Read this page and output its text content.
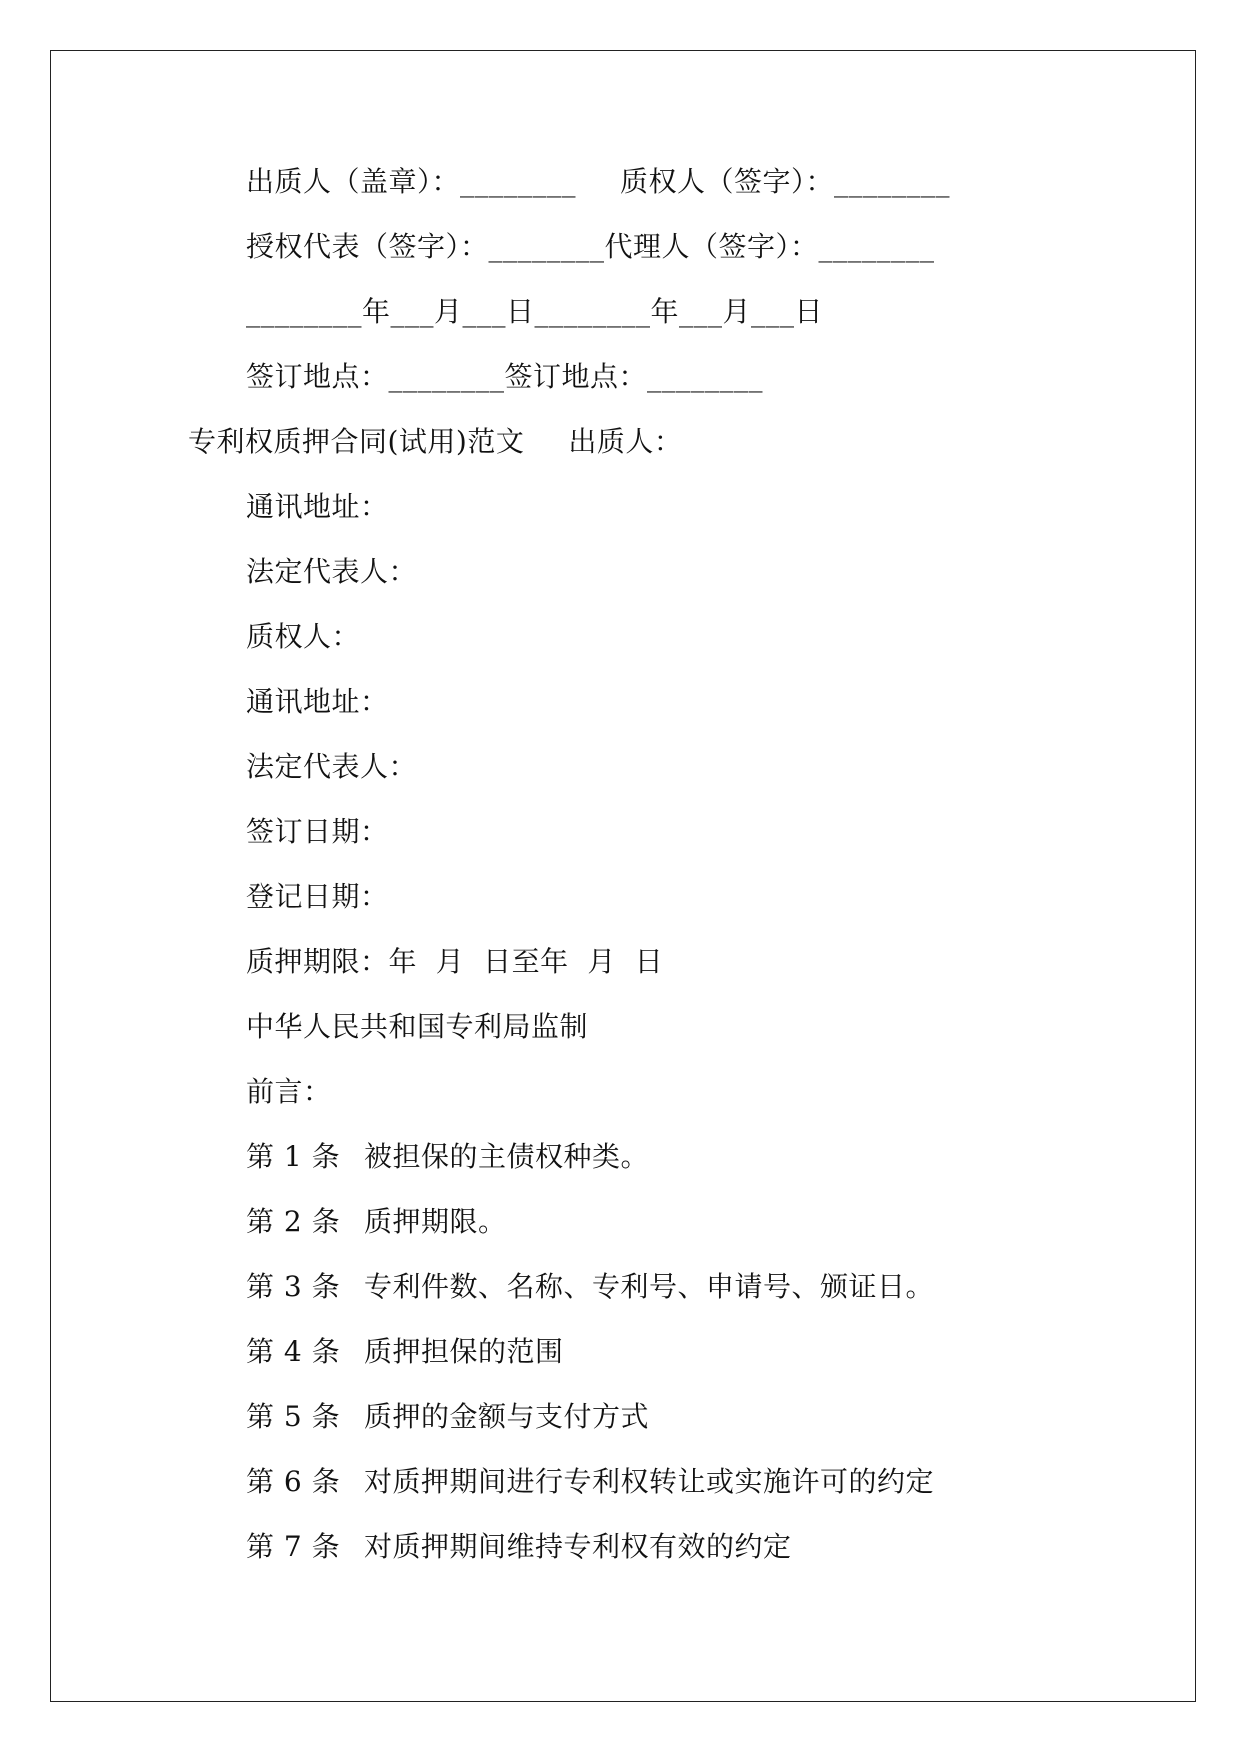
出质人（盖章）：________ 质权人（签字）：________
授权代表（签字）：________代理人（签字）：________
________年___月___日________年___月___日
签订地点：________签订地点：________
专利权质押合同(试用)范文 出质人：
通讯地址：
法定代表人：
质权人：
通讯地址：
法定代表人：
签订日期：
登记日期：
质押期限：年  月  日至年  月  日
中华人民共和国专利局监制
前言：
第 1 条 被担保的主债权种类。
第 2 条 质押期限。
第 3 条 专利件数、名称、专利号、申请号、颁证日。
第 4 条 质押担保的范围
第 5 条 质押的金额与支付方式
第 6 条 对质押期间进行专利权转让或实施许可的约定
第 7 条 对质押期间维持专利权有效的约定
